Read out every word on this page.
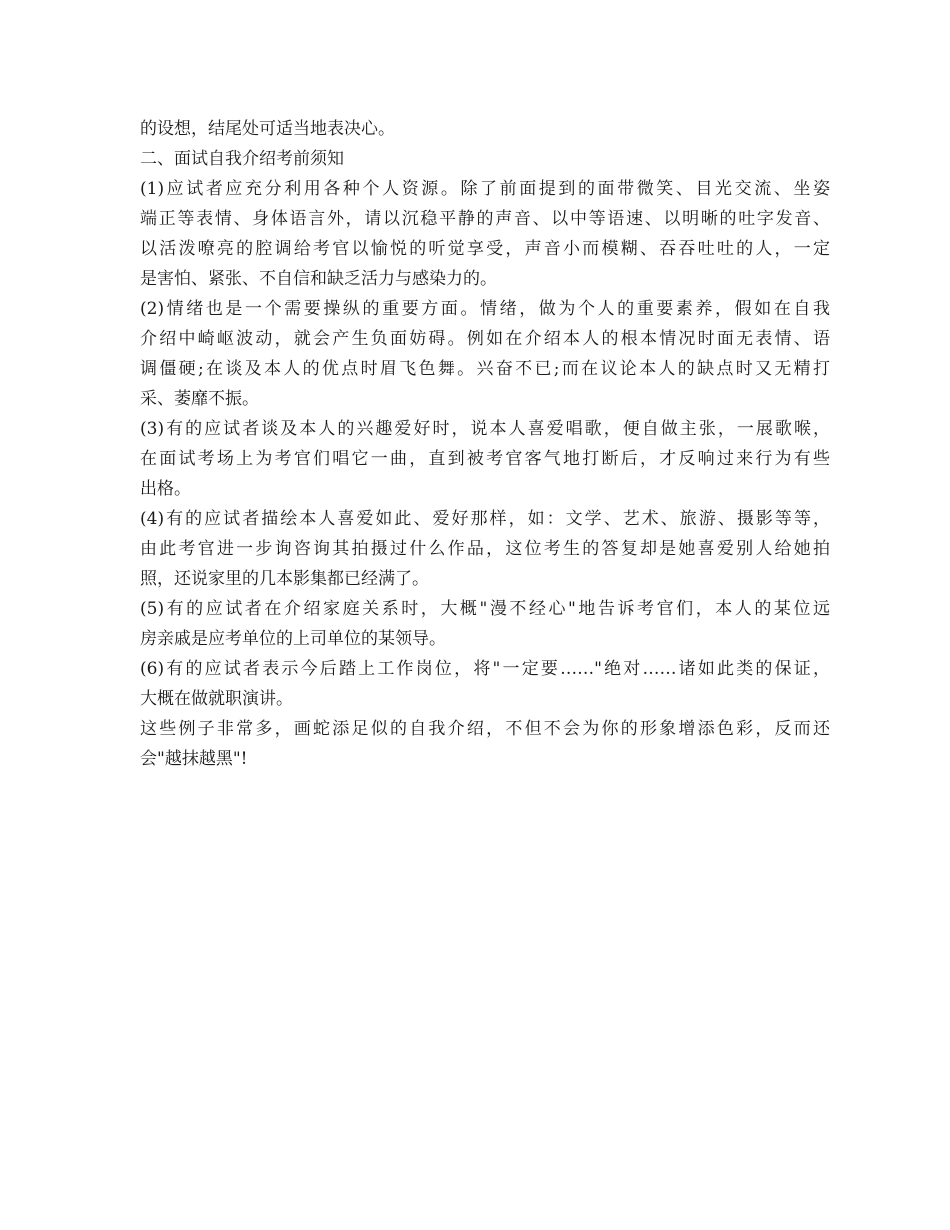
的设想，结尾处可适当地表决心。
二、面试自我介绍考前须知
(1)应试者应充分利用各种个人资源。除了前面提到的面带微笑、目光交流、坐姿
端正等表情、身体语言外，请以沉稳平静的声音、以中等语速、以明晰的吐字发音、
以活泼嘹亮的腔调给考官以愉悦的听觉享受，声音小而模糊、吞吞吐吐的人，一定
是害怕、紧张、不自信和缺乏活力与感染力的。
(2)情绪也是一个需要操纵的重要方面。情绪，做为个人的重要素养，假如在自我
介绍中崎岖波动，就会产生负面妨碍。例如在介绍本人的根本情况时面无表情、语
调僵硬;在谈及本人的优点时眉飞色舞。兴奋不已;而在议论本人的缺点时又无精打
采、萎靡不振。
(3)有的应试者谈及本人的兴趣爱好时，说本人喜爱唱歌，便自做主张，一展歌喉，
在面试考场上为考官们唱它一曲，直到被考官客气地打断后，才反响过来行为有些
出格。
(4)有的应试者描绘本人喜爱如此、爱好那样，如：文学、艺术、旅游、摄影等等，
由此考官进一步询咨询其拍摄过什么作品，这位考生的答复却是她喜爱别人给她拍
照，还说家里的几本影集都已经满了。
(5)有的应试者在介绍家庭关系时，大概"漫不经心"地告诉考官们，本人的某位远
房亲戚是应考单位的上司单位的某领导。
(6)有的应试者表示今后踏上工作岗位，将"一定要……"绝对……诸如此类的保证，
大概在做就职演讲。
这些例子非常多，画蛇添足似的自我介绍，不但不会为你的形象增添色彩，反而还
会"越抹越黑"!
